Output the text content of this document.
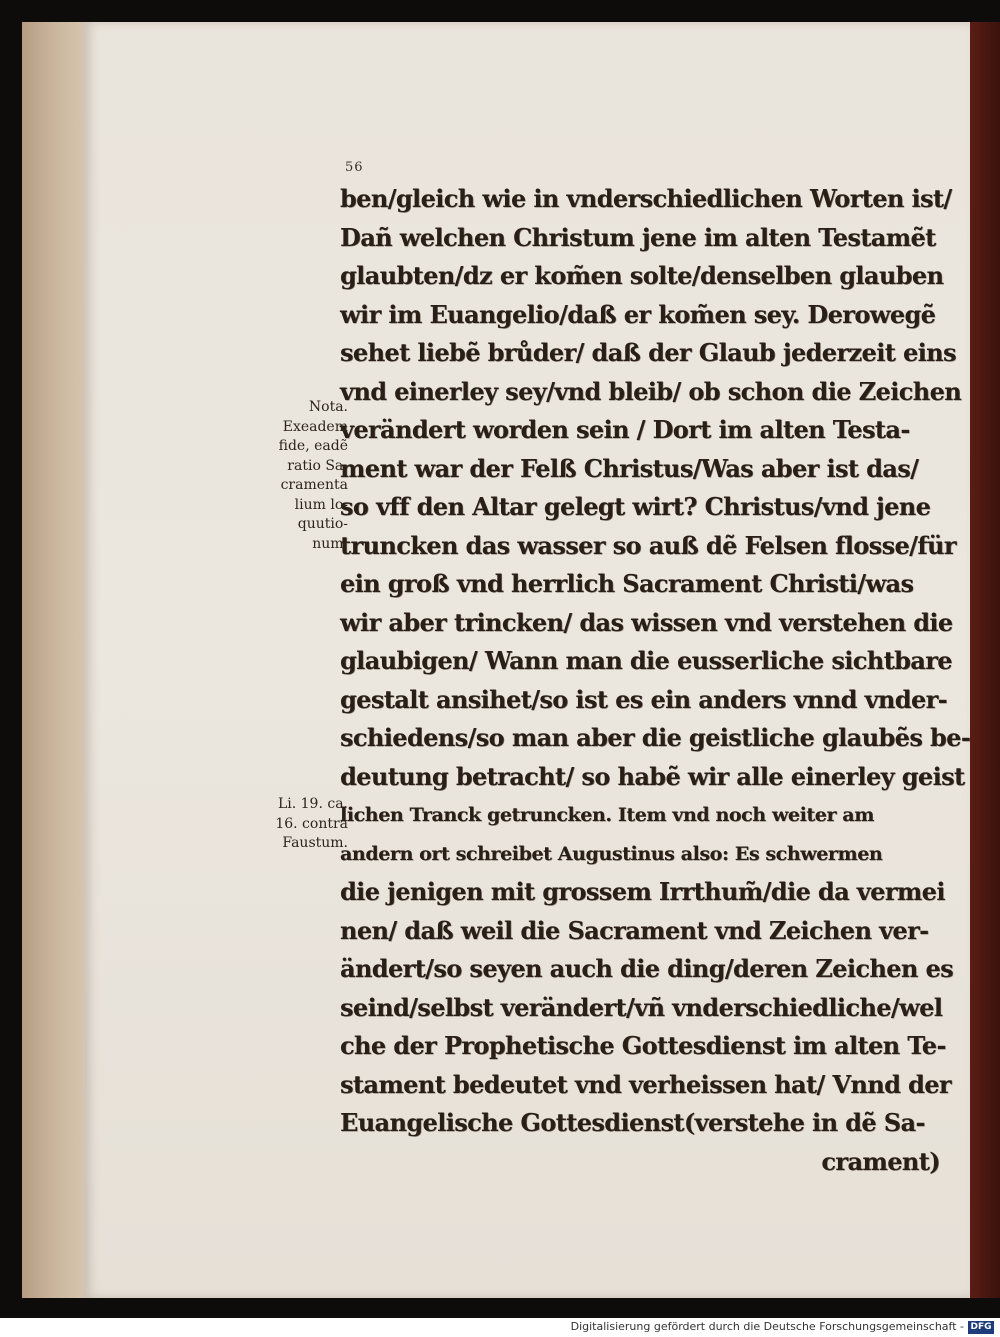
56
ben/gleich wie in vnderschiedlichen Worten ist/
Dañ welchen Christum jene im alten Testamẽt
glaubten/dz er kom̃en solte/denselben glauben
wir im Euangelio/daß er kom̃en sey. Derowegẽ
sehet liebẽ brůder/ daß der Glaub jederzeit eins
vnd einerley sey/vnd bleib/ ob schon die Zeichen
verändert worden sein / Dort im alten Testa-
ment war der Felß Christus/Was aber ist das/
so vff den Altar gelegt wirt? Christus/vnd jene
truncken das wasser so auß dẽ Felsen flosse/für
ein groß vnd herrlich Sacrament Christi/was
wir aber trincken/ das wissen vnd verstehen die
glaubigen/ Wann man die eusserliche sichtbare
gestalt ansihet/so ist es ein anders vnnd vnder-
schiedens/so man aber die geistliche glaubẽs be-
deutung betracht/ so habẽ wir alle einerley geist
lichen Tranck getruncken. Item vnd noch weiter am
andern ort schreibet Augustinus also: Es schwermen
die jenigen mit grossem Irrthum̃/die da vermei
nen/ daß weil die Sacrament vnd Zeichen ver-
ändert/so seyen auch die ding/deren Zeichen es
seind/selbst verändert/vñ vnderschiedliche/wel
che der Prophetische Gottesdienst im alten Te-
stament bedeutet vnd verheissen hat/ Vnnd der
Euangelische Gottesdienst(verstehe in dẽ Sa-
crament)
Nota.
Exeadem
fide, eadẽ
ratio Sa-
cramenta
lium lo-
quutio-
num.
Li. 19. ca.
16. contra
Faustum.
Digitalisierung gefördert durch die Deutsche Forschungsgemeinschaft - DFG
